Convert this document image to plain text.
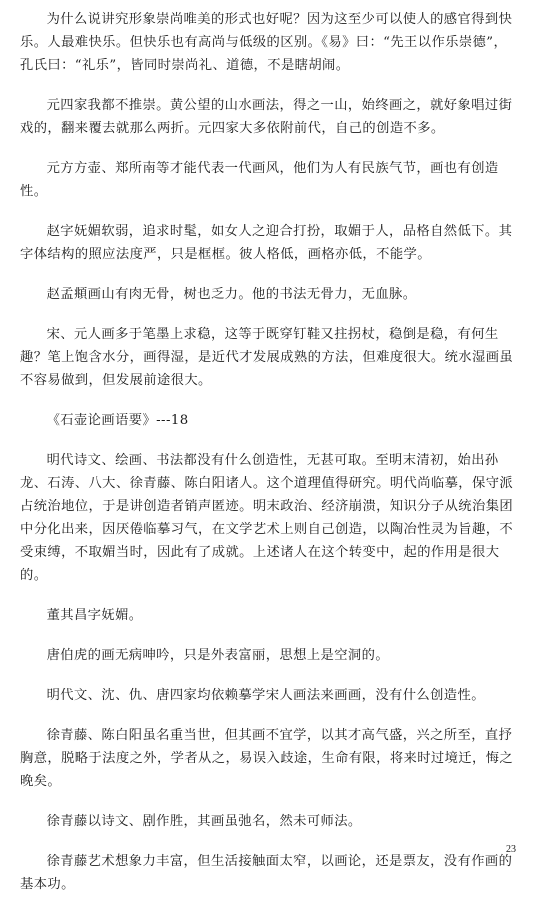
为什么说讲究形象崇尚唯美的形式也好呢？因为这至少可以使人的感官得到快乐。人最难快乐。但快乐也有高尚与低级的区别。《易》曰：“先王以作乐崇德”，孔氏曰：“礼乐”，皆同时崇尚礼、道德，不是瞎胡闹。

元四家我都不推崇。黄公望的山水画法，得之一山，始终画之，就好象唱过街戏的，翻来覆去就那么两折。元四家大多依附前代，自己的创造不多。

元方方壶、郑所南等才能代表一代画风，他们为人有民族气节，画也有创造性。

赵字妩媚软弱，追求时髦，如女人之迎合打扮，取媚于人，品格自然低下。其字体结构的照应法度严，只是框框。彼人格低，画格亦低，不能学。

赵孟頫画山有肉无骨，树也乏力。他的书法无骨力，无血脉。

宋、元人画多于笔墨上求稳，这等于既穿钉鞋又拄拐杖，稳倒是稳，有何生趣？笔上饱含水分，画得湿，是近代才发展成熟的方法，但难度很大。统水湿画虽不容易做到，但发展前途很大。

《石壶论画语要》---18

明代诗文、绘画、书法都没有什么创造性，无甚可取。至明末清初，始出孙龙、石涛、八大、徐青藤、陈白阳诸人。这个道理值得研究。明代尚临摹，保守派占统治地位，于是讲创造者销声匿迹。明末政治、经济崩溃，知识分子从统治集团中分化出来，因厌倦临摹习气，在文学艺术上则自己创造，以陶冶性灵为旨趣，不受束缚，不取媚当时，因此有了成就。上述诸人在这个转变中，起的作用是很大的。

董其昌字妩媚。

唐伯虎的画无病呻吟，只是外表富丽，思想上是空洞的。

明代文、沈、仇、唐四家均依赖摹学宋人画法来画画，没有什么创造性。

徐青藤、陈白阳虽名重当世，但其画不宜学，以其才高气盛，兴之所至，直抒胸意，脱略于法度之外，学者从之，易误入歧途，生命有限，将来时过境迁，悔之晚矣。

徐青藤以诗文、剧作胜，其画虽弛名，然未可师法。

徐青藤艺术想象力丰富，但生活接触面太窄，以画论，还是票友，没有作画的基本功。

23
